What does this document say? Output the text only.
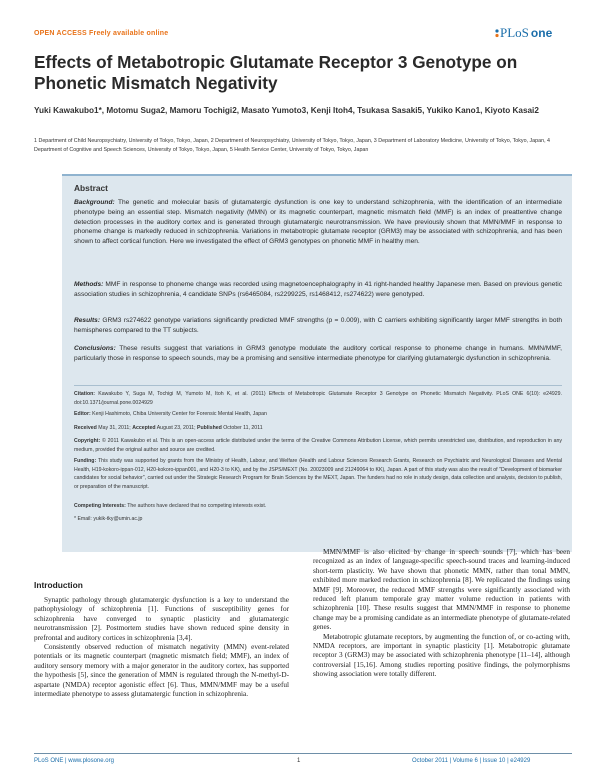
OPEN ACCESS Freely available online	PLoS one
Effects of Metabotropic Glutamate Receptor 3 Genotype on Phonetic Mismatch Negativity
Yuki Kawakubo1*, Motomu Suga2, Mamoru Tochigi2, Masato Yumoto3, Kenji Itoh4, Tsukasa Sasaki5, Yukiko Kano1, Kiyoto Kasai2
1 Department of Child Neuropsychiatry, University of Tokyo, Tokyo, Japan, 2 Department of Neuropsychiatry, University of Tokyo, Tokyo, Japan, 3 Department of Laboratory Medicine, University of Tokyo, Tokyo, Japan, 4 Department of Cognitive and Speech Sciences, University of Tokyo, Tokyo, Japan, 5 Health Service Center, University of Tokyo, Tokyo, Japan
Abstract
Background: The genetic and molecular basis of glutamatergic dysfunction is one key to understand schizophrenia, with the identification of an intermediate phenotype being an essential step. Mismatch negativity (MMN) or its magnetic counterpart, magnetic mismatch field (MMF) is an index of preattentive change detection processes in the auditory cortex and is generated through glutamatergic neurotransmission. We have previously shown that MMN/MMF in response to phoneme change is markedly reduced in schizophrenia. Variations in metabotropic glutamate receptor (GRM3) may be associated with schizophrenia, and has been shown to affect cortical function. Here we investigated the effect of GRM3 genotypes on phonetic MMF in healthy men.
Methods: MMF in response to phoneme change was recorded using magnetoencephalography in 41 right-handed healthy Japanese men. Based on previous genetic association studies in schizophrenia, 4 candidate SNPs (rs6465084, rs2299225, rs1468412, rs274622) were genotyped.
Results: GRM3 rs274622 genotype variations significantly predicted MMF strengths (p = 0.009), with C carriers exhibiting significantly larger MMF strengths in both hemispheres compared to the TT subjects.
Conclusions: These results suggest that variations in GRM3 genotype modulate the auditory cortical response to phoneme change in humans. MMN/MMF, particularly those in response to speech sounds, may be a promising and sensitive intermediate phenotype for clarifying glutamatergic dysfunction in schizophrenia.
Citation: Kawakubo Y, Suga M, Tochigi M, Yumoto M, Itoh K, et al. (2011) Effects of Metabotropic Glutamate Receptor 3 Genotype on Phonetic Mismatch Negativity. PLoS ONE 6(10): e24929. doi:10.1371/journal.pone.0024929
Editor: Kenji Hashimoto, Chiba University Center for Forensic Mental Health, Japan
Received May 31, 2011; Accepted August 23, 2011; Published October 11, 2011
Copyright: © 2011 Kawakubo et al. This is an open-access article distributed under the terms of the Creative Commons Attribution License, which permits unrestricted use, distribution, and reproduction in any medium, provided the original author and source are credited.
Funding: This study was supported by grants from the Ministry of Health, Labour, and Welfare (Health and Labour Sciences Research Grants, Research on Psychiatric and Neurological Diseases and Mental Health, H19-kokoro-ippan-012, H20-kokoro-ippan001, and H20-3 to KK), and by the JSPS/MEXT (No. 20023009 and 21249064 to KK), Japan. A part of this study was also the result of "Development of biomarker candidates for social behavior", carried out under the Strategic Research Program for Brain Sciences by the MEXT, Japan. The funders had no role in study design, data collection and analysis, decision to publish, or preparation of the manuscript.
Competing Interests: The authors have declared that no competing interests exist.
* Email: yukik-tky@umin.ac.jp
Introduction

Synaptic pathology through glutamatergic dysfunction is a key to understand the pathophysiology of schizophrenia [1]. Functions of susceptibility genes for schizophrenia have converged to synaptic plasticity and glutamatergic neurotransmission [2]. Postmortem studies have shown reduced spine density in prefrontal and auditory cortices in schizophrenia [3,4].

Consistently observed reduction of mismatch negativity (MMN) event-related potentials or its magnetic counterpart (magnetic mismatch field; MMF), an index of auditory sensory memory with a major generator in the auditory cortex, has supported the hypothesis [5], since the generation of MMN is regulated through the N-methyl-D-aspartate (NMDA) receptor agonistic effect [6]. Thus, MMN/MMF may be a useful intermediate phenotype to assess glutamatergic function in schizophrenia.

MMN/MMF is also elicited by change in speech sounds [7], which has been recognized as an index of language-specific speech-sound traces and learning-induced short-term plasticity. We have shown that phonetic MMN, rather than tonal MMN, exhibited more marked reduction in schizophrenia [8]. We replicated the findings using MMF [9]. Moreover, the reduced MMF strengths were significantly associated with reduced left planum temporale gray matter volume reduction in patients with schizophrenia [10]. These results suggest that MMN/MMF in response to phoneme change may be a promising candidate as an intermediate phenotype of glutamate-related genes.

Metabotropic glutamate receptors, by augmenting the function of, or co-acting with, NMDA receptors, are important in synaptic plasticity [1]. Metabotropic glutamate receptor 3 (GRM3) may be associated with schizophrenia phenotype [11–14], although controversial [15,16]. Among studies reporting positive findings, the polymorphisms showing association were totally different.

PLoS ONE | www.plosone.org	1	October 2011 | Volume 6 | Issue 10 | e24929
